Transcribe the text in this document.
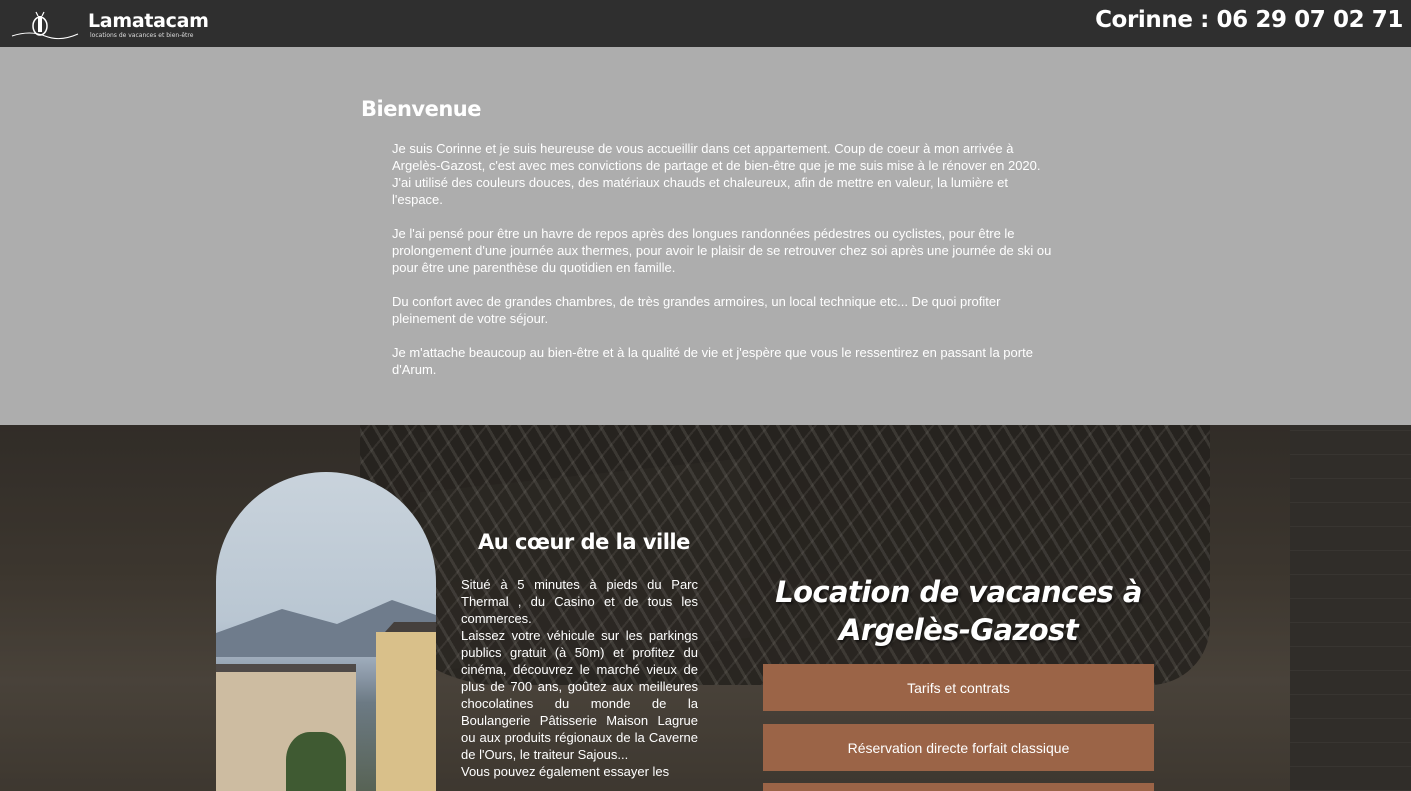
Lamatacam
locations de vacances et bien-être
Corinne : 06 29 07 02 71
Bienvenue

Je suis Corinne et je suis heureuse de vous accueillir dans cet appartement. Coup de coeur à mon arrivée à Argelès-Gazost, c'est avec mes convictions de partage et de bien-être que je me suis mise à le rénover en 2020. J'ai utilisé des couleurs douces, des matériaux chauds et chaleureux, afin de mettre en valeur, la lumière et l'espace.

Je l'ai pensé pour être un havre de repos après des longues randonnées pédestres ou cyclistes, pour être le prolongement d'une journée aux thermes, pour avoir le plaisir de se retrouver chez soi après une journée de ski ou pour être une parenthèse du quotidien en famille.

Du confort avec de grandes chambres, de très grandes armoires, un local technique etc... De quoi profiter pleinement de votre séjour.

Je m'attache beaucoup au bien-être et à la qualité de vie et j'espère que vous le ressentirez en passant la porte d'Arum.

Au cœur de la ville
Situé à 5 minutes à pieds du Parc Thermal , du Casino et de tous les commerces.
Laissez votre véhicule sur les parkings publics gratuit (à 50m) et profitez du cinéma, découvrez le marché vieux de plus de 700 ans, goûtez aux meilleures chocolatines du monde de la Boulangerie Pâtisserie Maison Lagrue ou aux produits régionaux de la Caverne de l'Ours, le traiteur Sajous...
Vous pouvez également essayer les
Location de vacances à Argelès-Gazost
Tarifs et contrats
Réservation directe forfait classique
